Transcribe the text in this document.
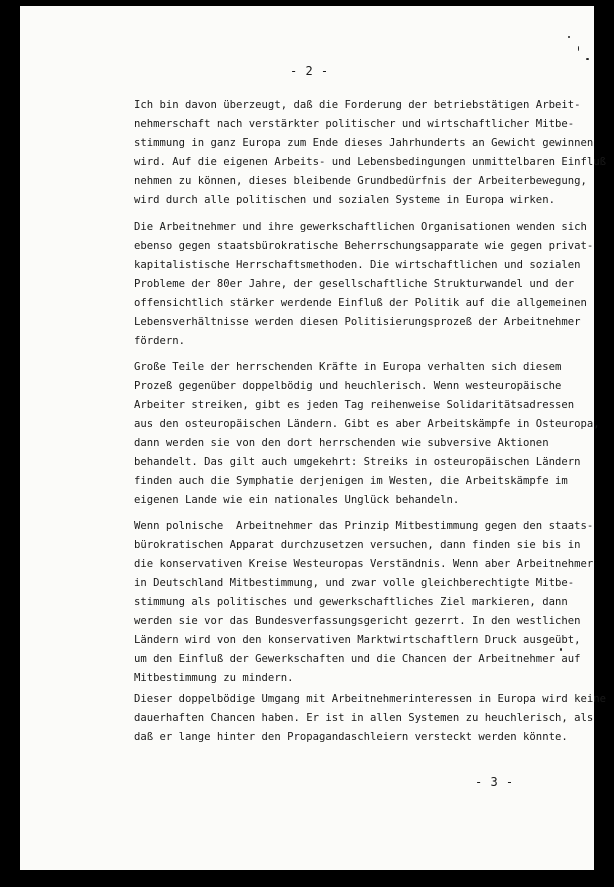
- 2 -
Ich bin davon überzeugt, daß die Forderung der betriebstätigen Arbeit-
nehmerschaft nach verstärkter politischer und wirtschaftlicher Mitbe-
stimmung in ganz Europa zum Ende dieses Jahrhunderts an Gewicht gewinnen
wird. Auf die eigenen Arbeits- und Lebensbedingungen unmittelbaren Einfluß
nehmen zu können, dieses bleibende Grundbedürfnis der Arbeiterbewegung,
wird durch alle politischen und sozialen Systeme in Europa wirken.
Die Arbeitnehmer und ihre gewerkschaftlichen Organisationen wenden sich
ebenso gegen staatsbürokratische Beherrschungsapparate wie gegen privat-
kapitalistische Herrschaftsmethoden. Die wirtschaftlichen und sozialen
Probleme der 80er Jahre, der gesellschaftliche Strukturwandel und der
offensichtlich stärker werdende Einfluß der Politik auf die allgemeinen
Lebensverhältnisse werden diesen Politisierungsprozeß der Arbeitnehmer
fördern.
Große Teile der herrschenden Kräfte in Europa verhalten sich diesem
Prozeß gegenüber doppelbödig und heuchlerisch. Wenn westeuropäische
Arbeiter streiken, gibt es jeden Tag reihenweise Solidaritätsadressen
aus den osteuropäischen Ländern. Gibt es aber Arbeitskämpfe in Osteuropa,
dann werden sie von den dort herrschenden wie subversive Aktionen
behandelt. Das gilt auch umgekehrt: Streiks in osteuropäischen Ländern
finden auch die Symphatie derjenigen im Westen, die Arbeitskämpfe im
eigenen Lande wie ein nationales Unglück behandeln.
Wenn polnische  Arbeitnehmer das Prinzip Mitbestimmung gegen den staats-
bürokratischen Apparat durchzusetzen versuchen, dann finden sie bis in
die konservativen Kreise Westeuropas Verständnis. Wenn aber Arbeitnehmer
in Deutschland Mitbestimmung, und zwar volle gleichberechtigte Mitbe-
stimmung als politisches und gewerkschaftliches Ziel markieren, dann
werden sie vor das Bundesverfassungsgericht gezerrt. In den westlichen
Ländern wird von den konservativen Marktwirtschaftlern Druck ausgeübt,
um den Einfluß der Gewerkschaften und die Chancen der Arbeitnehmer auf
Mitbestimmung zu mindern.
Dieser doppelbödige Umgang mit Arbeitnehmerinteressen in Europa wird keine
dauerhaften Chancen haben. Er ist in allen Systemen zu heuchlerisch, als
daß er lange hinter den Propagandaschleiern versteckt werden könnte.
- 3 -
